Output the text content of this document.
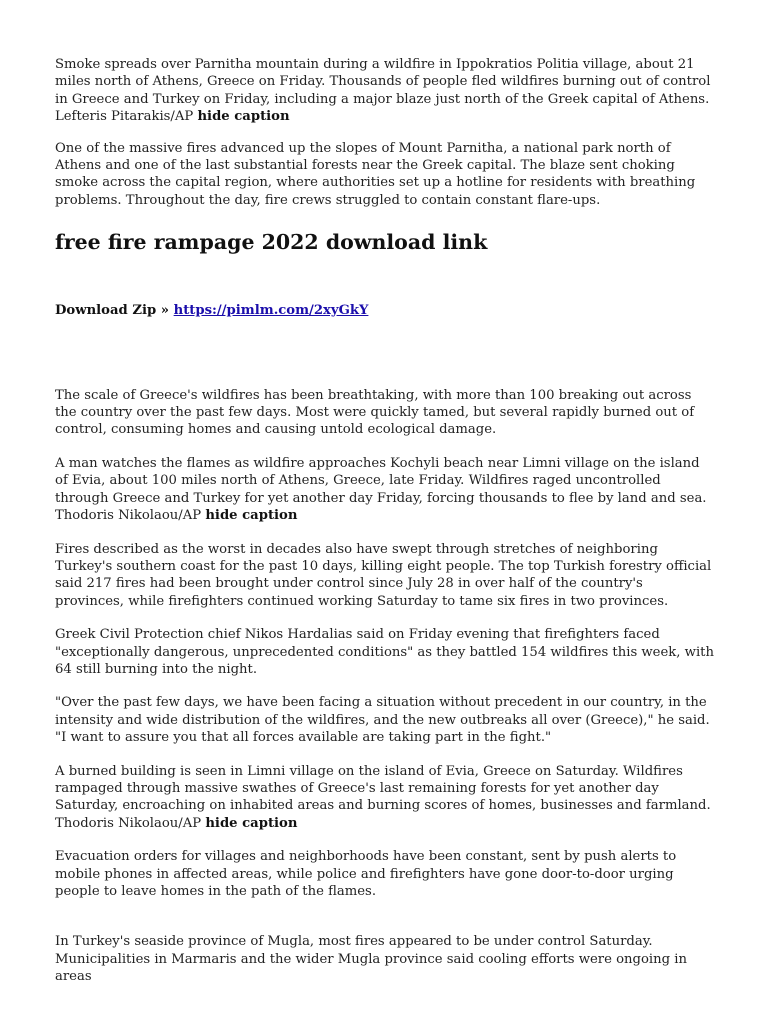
Smoke spreads over Parnitha mountain during a wildfire in Ippokratios Politia village, about 21 miles north of Athens, Greece on Friday. Thousands of people fled wildfires burning out of control in Greece and Turkey on Friday, including a major blaze just north of the Greek capital of Athens. Lefteris Pitarakis/AP hide caption

One of the massive fires advanced up the slopes of Mount Parnitha, a national park north of Athens and one of the last substantial forests near the Greek capital. The blaze sent choking smoke across the capital region, where authorities set up a hotline for residents with breathing problems. Throughout the day, fire crews struggled to contain constant flare-ups.

free fire rampage 2022 download link

Download Zip » https://pimlm.com/2xyGkY

The scale of Greece's wildfires has been breathtaking, with more than 100 breaking out across the country over the past few days. Most were quickly tamed, but several rapidly burned out of control, consuming homes and causing untold ecological damage.

A man watches the flames as wildfire approaches Kochyli beach near Limni village on the island of Evia, about 100 miles north of Athens, Greece, late Friday. Wildfires raged uncontrolled through Greece and Turkey for yet another day Friday, forcing thousands to flee by land and sea. Thodoris Nikolaou/AP hide caption

Fires described as the worst in decades also have swept through stretches of neighboring Turkey's southern coast for the past 10 days, killing eight people. The top Turkish forestry official said 217 fires had been brought under control since July 28 in over half of the country's provinces, while firefighters continued working Saturday to tame six fires in two provinces.

Greek Civil Protection chief Nikos Hardalias said on Friday evening that firefighters faced "exceptionally dangerous, unprecedented conditions" as they battled 154 wildfires this week, with 64 still burning into the night.

"Over the past few days, we have been facing a situation without precedent in our country, in the intensity and wide distribution of the wildfires, and the new outbreaks all over (Greece)," he said. "I want to assure you that all forces available are taking part in the fight."

A burned building is seen in Limni village on the island of Evia, Greece on Saturday. Wildfires rampaged through massive swathes of Greece's last remaining forests for yet another day Saturday, encroaching on inhabited areas and burning scores of homes, businesses and farmland. Thodoris Nikolaou/AP hide caption

Evacuation orders for villages and neighborhoods have been constant, sent by push alerts to mobile phones in affected areas, while police and firefighters have gone door-to-door urging people to leave homes in the path of the flames.

In Turkey's seaside province of Mugla, most fires appeared to be under control Saturday. Municipalities in Marmaris and the wider Mugla province said cooling efforts were ongoing in areas
